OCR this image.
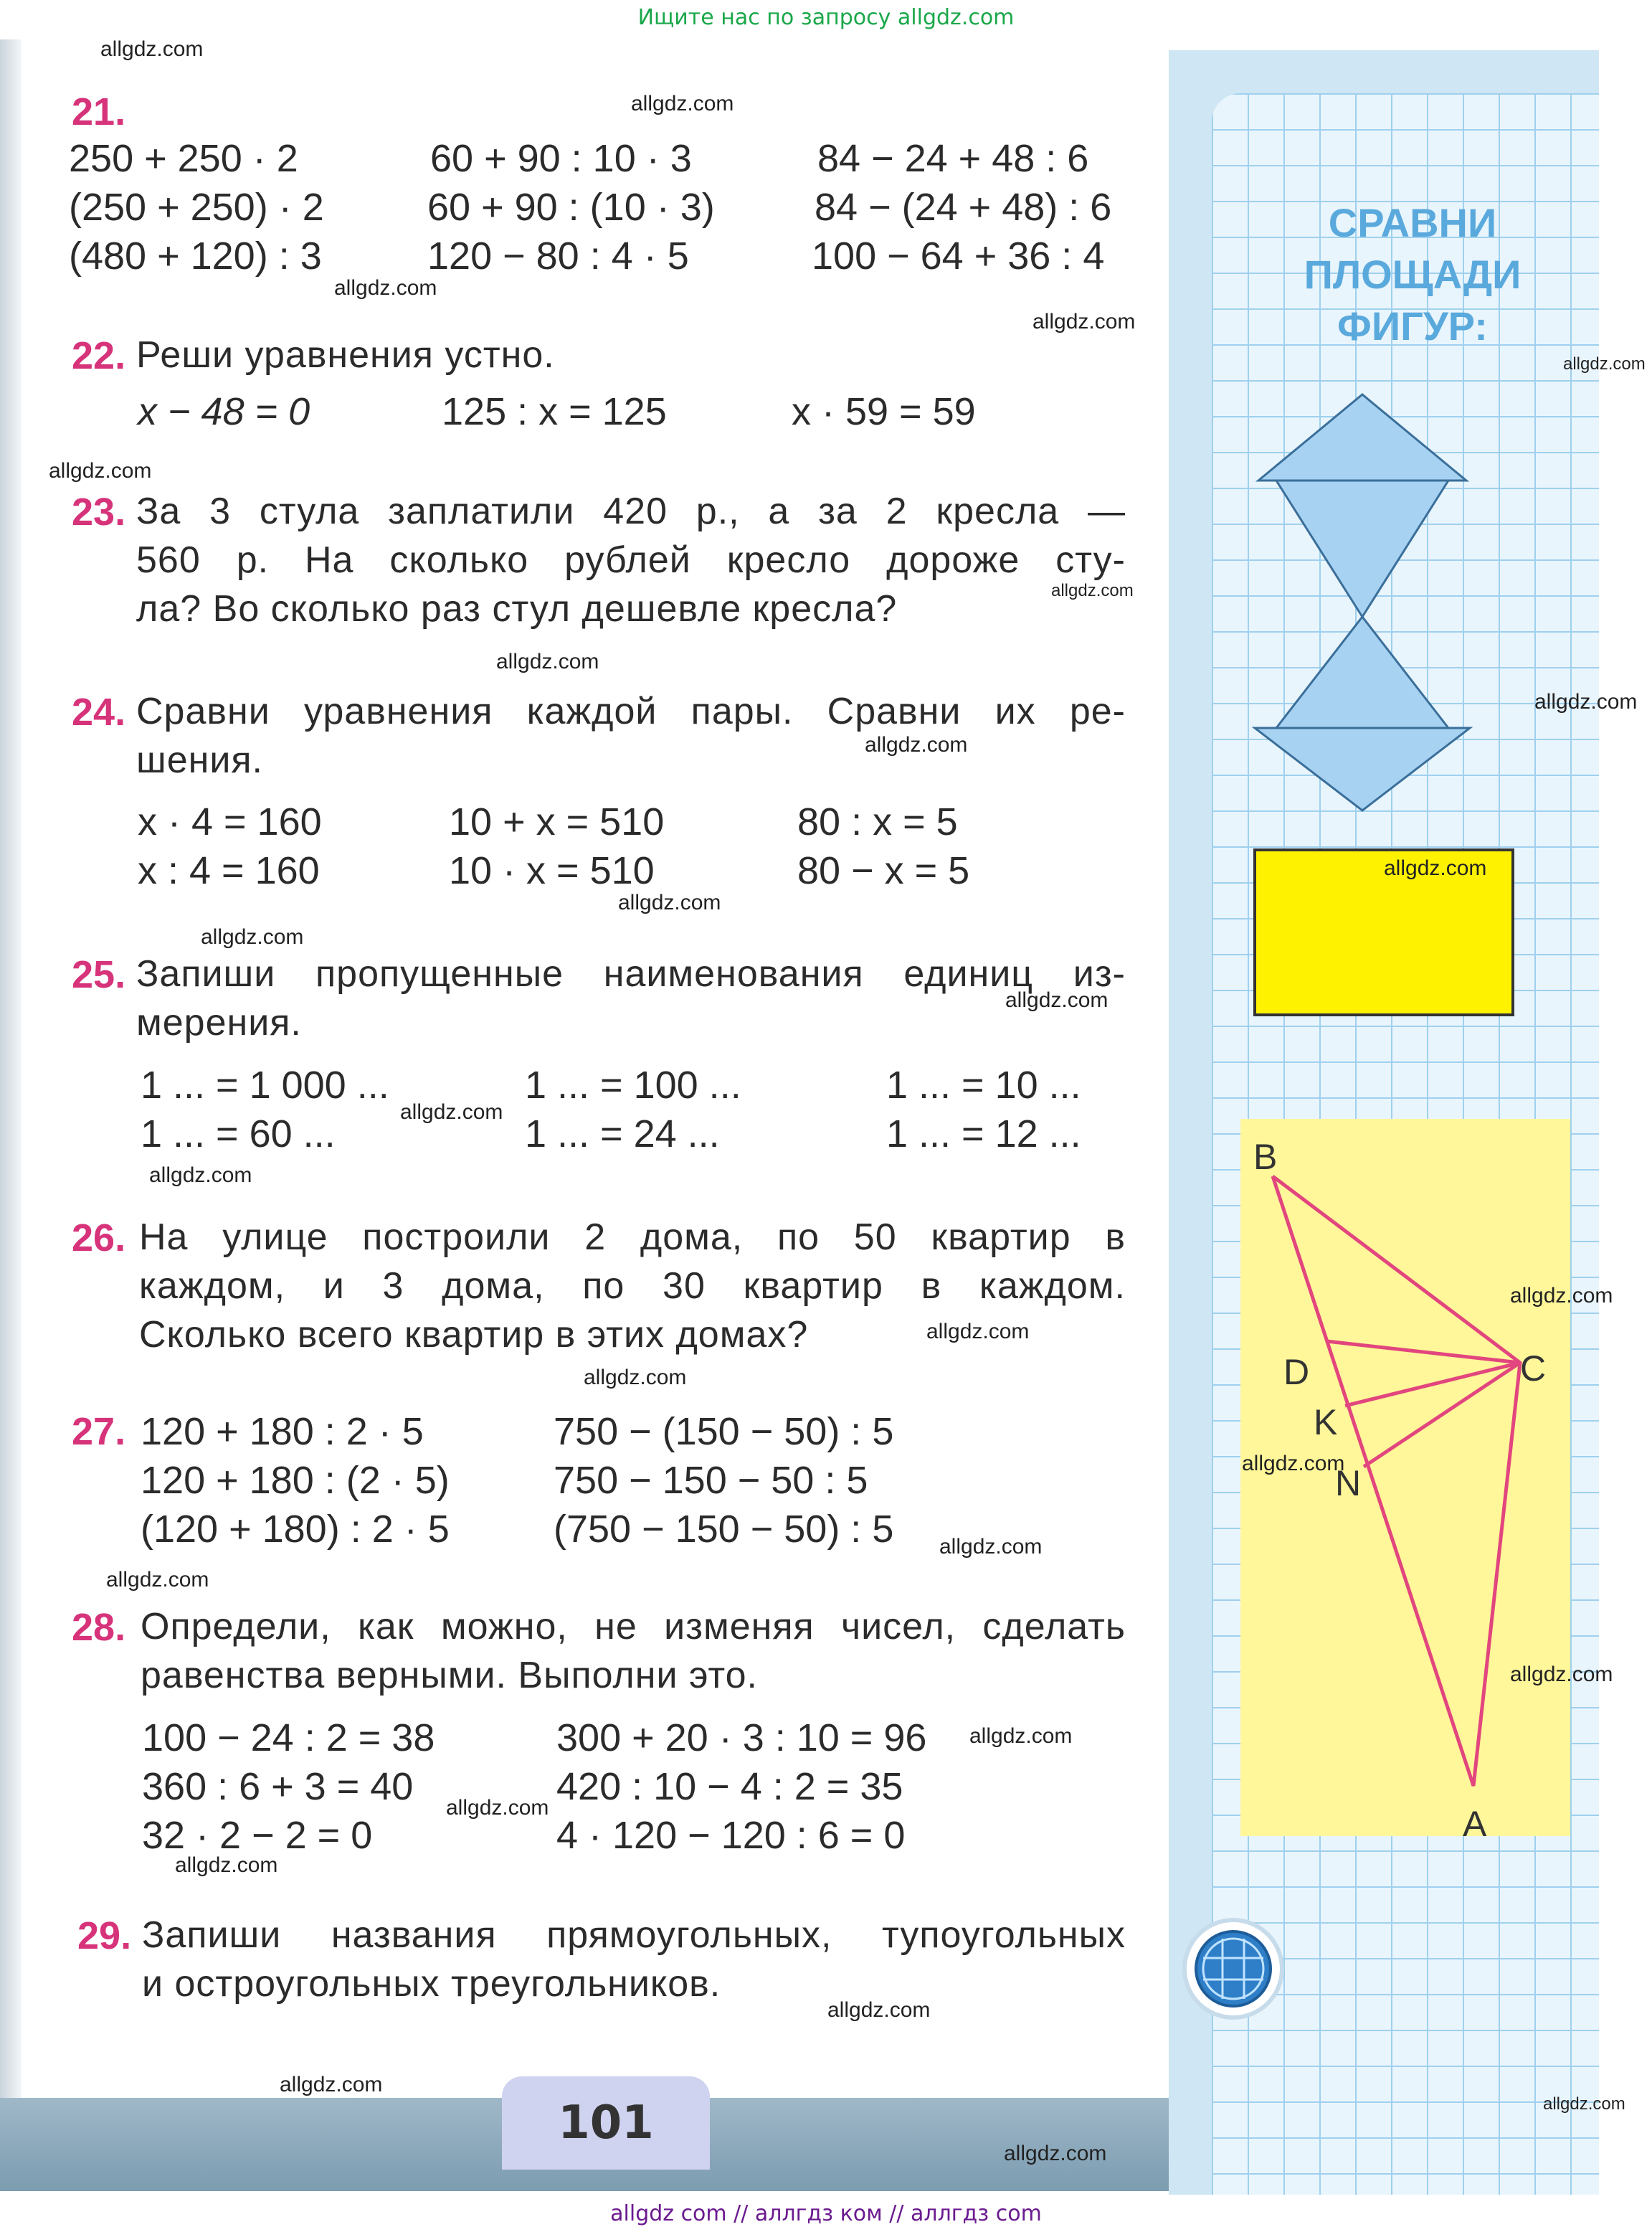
Ищите нас по запросу allgdz.com
101
СРАВНИ
ПЛОЩАДИ
ФИГУР:
B
C
D
K
N
A
21.
250 + 250 · 2	60 + 90 : 10 · 3	84 − 24 + 48 : 6
(250 + 250) · 2	60 + 90 : (10 · 3)	84 − (24 + 48) : 6
(480 + 120) : 3	120 − 80 : 4 · 5	100 − 64 + 36 : 4
22. Реши уравнения устно.
x − 48 = 0	125 : x = 125	x · 59 = 59
23. За 3 стула заплатили 420 р., а за 2 кресла —
560 р. На сколько рублей кресло дороже сту-
ла? Во сколько раз стул дешевле кресла?
24. Сравни уравнения каждой пары. Сравни их ре-
шения.
x · 4 = 160	10 + x = 510	80 : x = 5
x : 4 = 160	10 · x = 510	80 − x = 5
25. Запиши пропущенные наименования единиц из-
мерения.
1 ... = 1 000 ...	1 ... = 100 ...	1 ... = 10 ...
1 ... = 60 ...	1 ... = 24 ...	1 ... = 12 ...
26. На улице построили 2 дома, по 50 квартир в
каждом, и 3 дома, по 30 квартир в каждом.
Сколько всего квартир в этих домах?
27. 120 + 180 : 2 · 5	750 − (150 − 50) : 5
120 + 180 : (2 · 5)	750 − 150 − 50 : 5
(120 + 180) : 2 · 5	(750 − 150 − 50) : 5
28. Определи, как можно, не изменяя чисел, сделать
равенства верными. Выполни это.
100 − 24 : 2 = 38	300 + 20 · 3 : 10 = 96
360 : 6 + 3 = 40	420 : 10 − 4 : 2 = 35
32 · 2 − 2 = 0	4 · 120 − 120 : 6 = 0
29. Запиши названия прямоугольных, тупоугольных
и остроугольных треугольников.
allgdz.com
allgdz.com
allgdz.com
allgdz.com
allgdz.com
allgdz.com
allgdz.com
allgdz.com
allgdz.com
allgdz.com
allgdz.com
allgdz.com
allgdz.com
allgdz.com
allgdz.com
allgdz.com
allgdz.com
allgdz.com
allgdz.com
allgdz.com
allgdz.com
allgdz.com
allgdz.com
allgdz.com
allgdz.com
allgdz.com
allgdz.com
allgdz.com
allgdz.com
allgdz.com
allgdz com // аллгдз ком // аллгдз com
